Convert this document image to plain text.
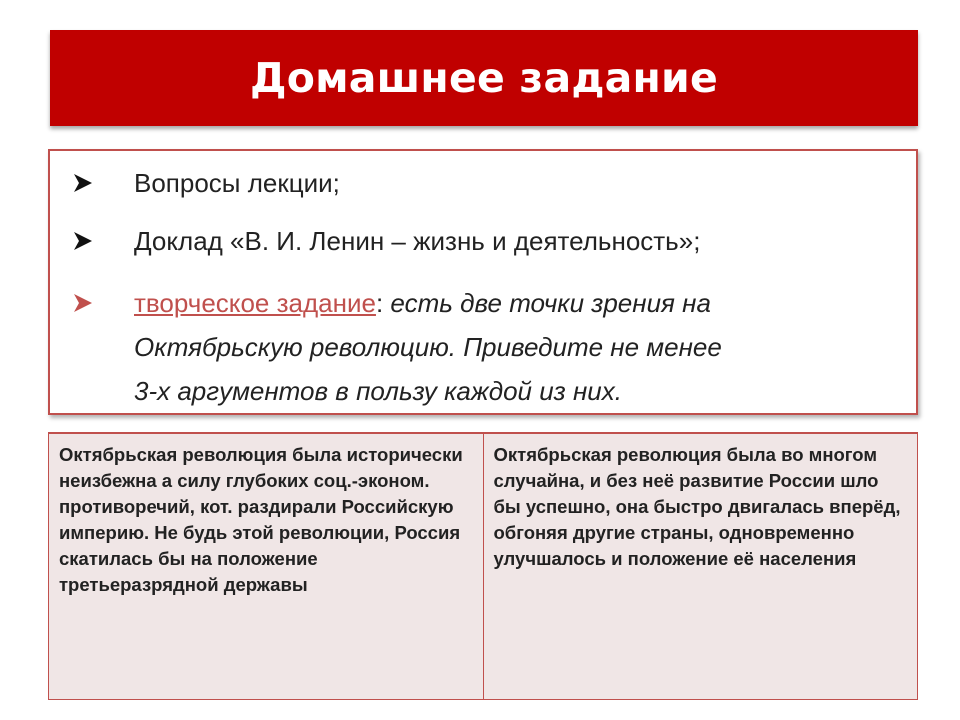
Домашнее задание
Вопросы лекции;
Доклад «В. И. Ленин – жизнь и деятельность»;
творческое задание: есть две точки зрения на
Октябрьскую революцию. Приведите не менее
3-х аргументов в пользу каждой из них.
Октябрьская революция была исторически неизбежна а силу глубоких соц.-эконом. противоречий, кот. раздирали Российскую империю. Не будь этой революции, Россия скатилась бы на положение третьеразрядной державы	Октябрьская революция была во многом случайна, и без неё развитие России шло бы успешно, она быстро двигалась вперёд, обгоняя другие страны, одновременно улучшалось и положение её населения
